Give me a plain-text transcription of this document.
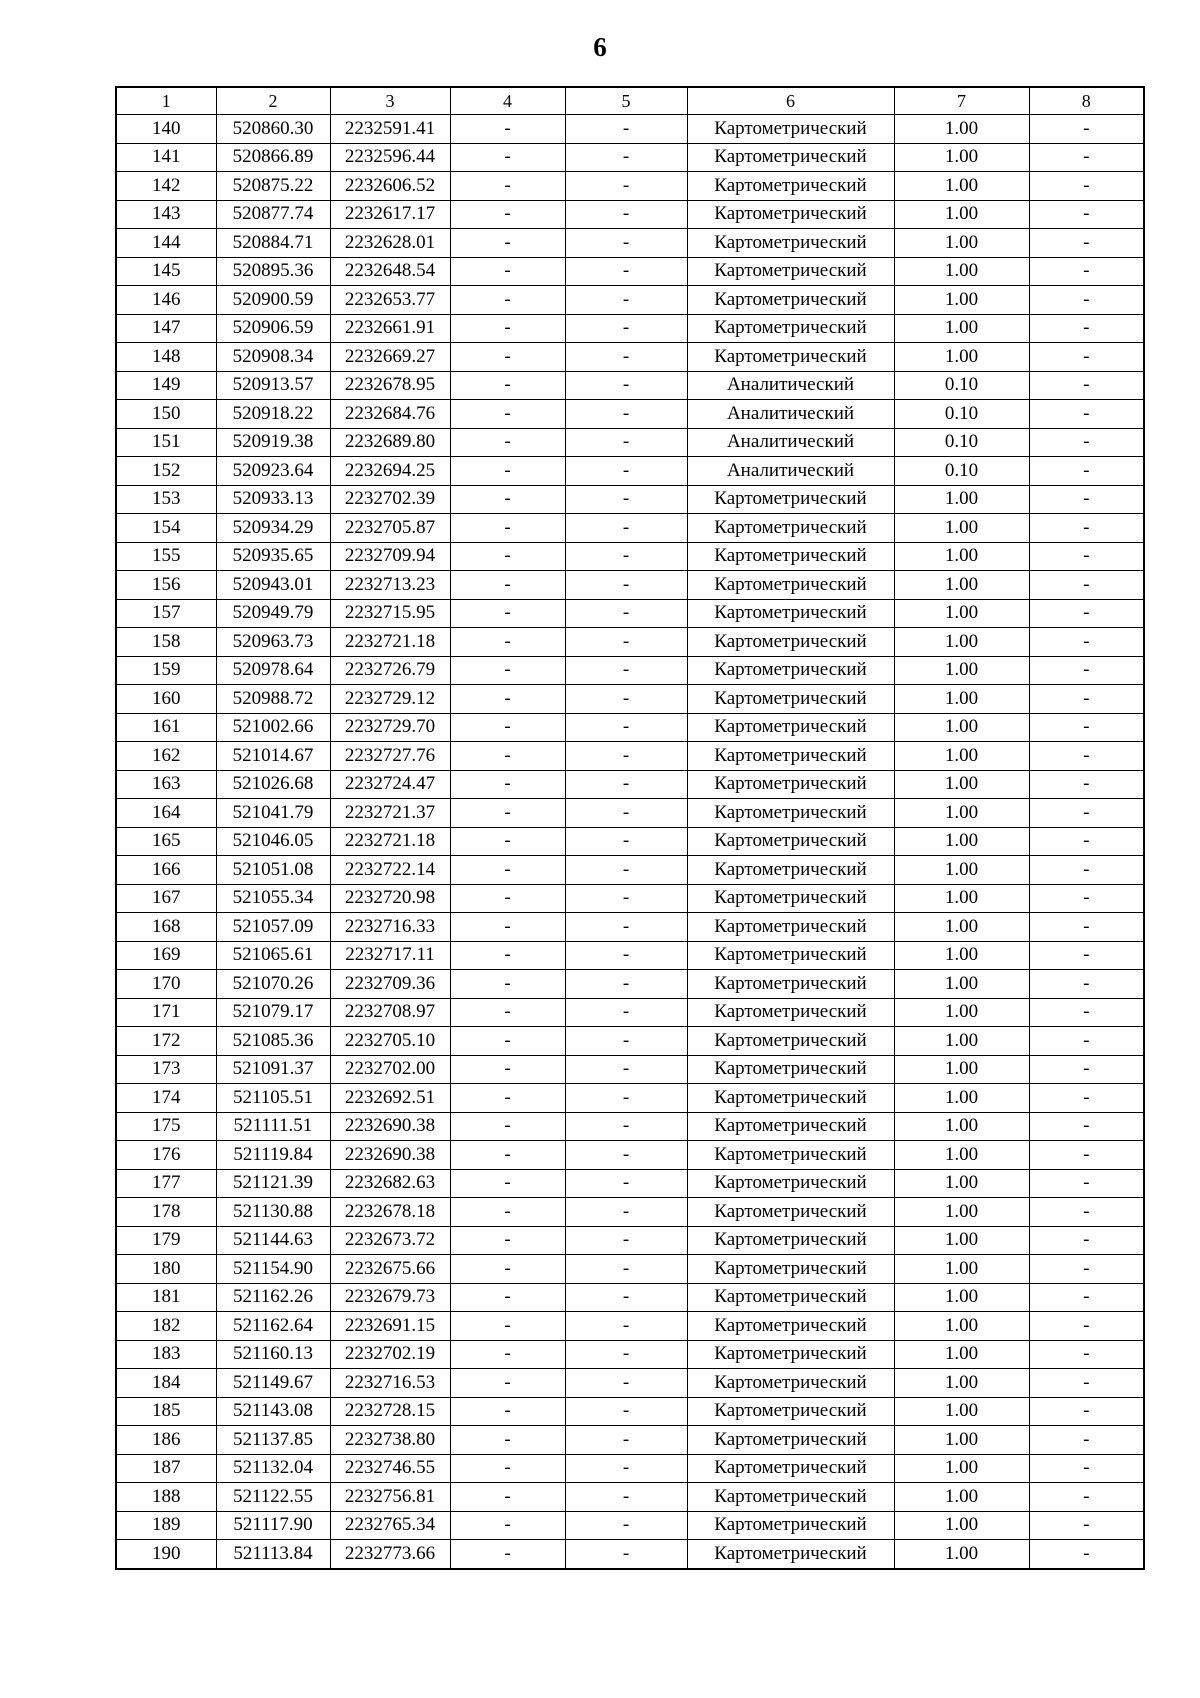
6
1	2	3	4	5	6	7	8
140	520860.30	2232591.41	-	-	Картометрический	1.00	-
141	520866.89	2232596.44	-	-	Картометрический	1.00	-
142	520875.22	2232606.52	-	-	Картометрический	1.00	-
143	520877.74	2232617.17	-	-	Картометрический	1.00	-
144	520884.71	2232628.01	-	-	Картометрический	1.00	-
145	520895.36	2232648.54	-	-	Картометрический	1.00	-
146	520900.59	2232653.77	-	-	Картометрический	1.00	-
147	520906.59	2232661.91	-	-	Картометрический	1.00	-
148	520908.34	2232669.27	-	-	Картометрический	1.00	-
149	520913.57	2232678.95	-	-	Аналитический	0.10	-
150	520918.22	2232684.76	-	-	Аналитический	0.10	-
151	520919.38	2232689.80	-	-	Аналитический	0.10	-
152	520923.64	2232694.25	-	-	Аналитический	0.10	-
153	520933.13	2232702.39	-	-	Картометрический	1.00	-
154	520934.29	2232705.87	-	-	Картометрический	1.00	-
155	520935.65	2232709.94	-	-	Картометрический	1.00	-
156	520943.01	2232713.23	-	-	Картометрический	1.00	-
157	520949.79	2232715.95	-	-	Картометрический	1.00	-
158	520963.73	2232721.18	-	-	Картометрический	1.00	-
159	520978.64	2232726.79	-	-	Картометрический	1.00	-
160	520988.72	2232729.12	-	-	Картометрический	1.00	-
161	521002.66	2232729.70	-	-	Картометрический	1.00	-
162	521014.67	2232727.76	-	-	Картометрический	1.00	-
163	521026.68	2232724.47	-	-	Картометрический	1.00	-
164	521041.79	2232721.37	-	-	Картометрический	1.00	-
165	521046.05	2232721.18	-	-	Картометрический	1.00	-
166	521051.08	2232722.14	-	-	Картометрический	1.00	-
167	521055.34	2232720.98	-	-	Картометрический	1.00	-
168	521057.09	2232716.33	-	-	Картометрический	1.00	-
169	521065.61	2232717.11	-	-	Картометрический	1.00	-
170	521070.26	2232709.36	-	-	Картометрический	1.00	-
171	521079.17	2232708.97	-	-	Картометрический	1.00	-
172	521085.36	2232705.10	-	-	Картометрический	1.00	-
173	521091.37	2232702.00	-	-	Картометрический	1.00	-
174	521105.51	2232692.51	-	-	Картометрический	1.00	-
175	521111.51	2232690.38	-	-	Картометрический	1.00	-
176	521119.84	2232690.38	-	-	Картометрический	1.00	-
177	521121.39	2232682.63	-	-	Картометрический	1.00	-
178	521130.88	2232678.18	-	-	Картометрический	1.00	-
179	521144.63	2232673.72	-	-	Картометрический	1.00	-
180	521154.90	2232675.66	-	-	Картометрический	1.00	-
181	521162.26	2232679.73	-	-	Картометрический	1.00	-
182	521162.64	2232691.15	-	-	Картометрический	1.00	-
183	521160.13	2232702.19	-	-	Картометрический	1.00	-
184	521149.67	2232716.53	-	-	Картометрический	1.00	-
185	521143.08	2232728.15	-	-	Картометрический	1.00	-
186	521137.85	2232738.80	-	-	Картометрический	1.00	-
187	521132.04	2232746.55	-	-	Картометрический	1.00	-
188	521122.55	2232756.81	-	-	Картометрический	1.00	-
189	521117.90	2232765.34	-	-	Картометрический	1.00	-
190	521113.84	2232773.66	-	-	Картометрический	1.00	-
